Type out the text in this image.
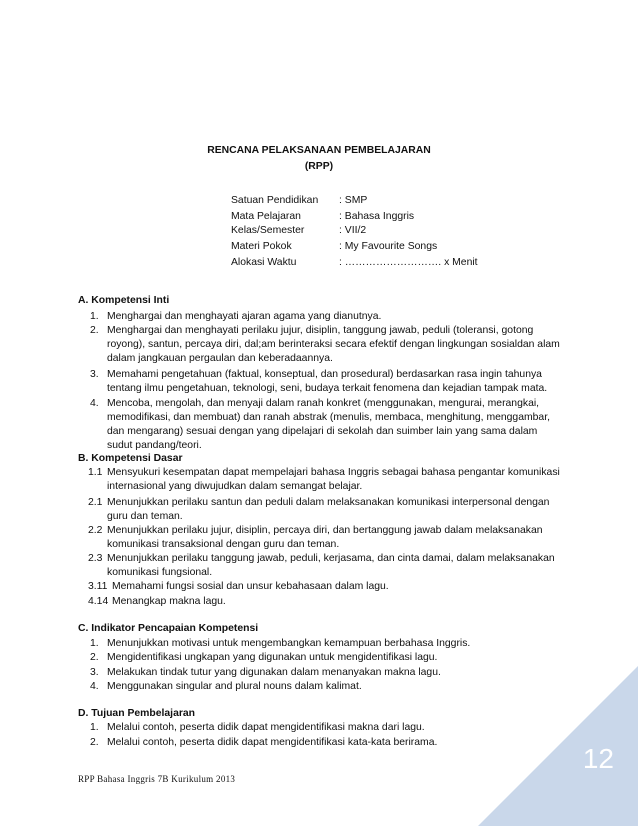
RENCANA PELAKSANAAN PEMBELAJARAN
(RPP)
Satuan Pendidikan : SMP
Mata Pelajaran	: Bahasa Inggris
Kelas/Semester	: VII/2
Materi Pokok	: My Favourite Songs
Alokasi Waktu	: ………………………. x Menit
A. Kompetensi Inti
1. Menghargai dan menghayati ajaran agama yang dianutnya.
2. Menghargai dan menghayati perilaku jujur, disiplin, tanggung jawab, peduli (toleransi, gotong royong), santun, percaya diri, dal;am berinteraksi secara efektif dengan lingkungan sosialdan alam dalam jangkauan pergaulan dan keberadaannya.
3. Memahami pengetahuan (faktual, konseptual, dan prosedural) berdasarkan rasa ingin tahunya tentang ilmu pengetahuan, teknologi, seni, budaya terkait fenomena dan kejadian tampak mata.
4. Mencoba, mengolah, dan menyaji dalam ranah konkret (menggunakan, mengurai, merangkai, memodifikasi, dan membuat) dan ranah abstrak (menulis, membaca, menghitung, menggambar, dan mengarang) sesuai dengan yang dipelajari di sekolah dan suimber lain yang sama dalam sudut pandang/teori.
B. Kompetensi Dasar
1.1 Mensyukuri kesempatan dapat mempelajari bahasa Inggris sebagai bahasa pengantar komunikasi internasional yang diwujudkan dalam semangat belajar.
2.1 Menunjukkan perilaku santun dan peduli dalam melaksanakan komunikasi interpersonal dengan guru dan teman.
2.2 Menunjukkan perilaku jujur, disiplin, percaya diri, dan bertanggung jawab dalam melaksanakan komunikasi transaksional dengan guru dan teman.
2.3 Menunjukkan perilaku tanggung jawab, peduli, kerjasama, dan cinta damai, dalam melaksanakan komunikasi fungsional.
3.11 Memahami fungsi sosial dan unsur kebahasaan dalam lagu.
4.14 Menangkap makna lagu.
C. Indikator Pencapaian Kompetensi
1. Menunjukkan motivasi untuk mengembangkan kemampuan berbahasa Inggris.
2. Mengidentifikasi ungkapan yang digunakan untuk mengidentifikasi lagu.
3. Melakukan tindak tutur yang digunakan dalam menanyakan makna lagu.
4. Menggunakan singular and plural nouns dalam kalimat.
D. Tujuan Pembelajaran
1. Melalui contoh, peserta didik dapat mengidentifikasi makna dari lagu.
2. Melalui contoh, peserta didik dapat mengidentifikasi kata-kata berirama.
RPP Bahasa Inggris 7B Kurikulum 2013
12
